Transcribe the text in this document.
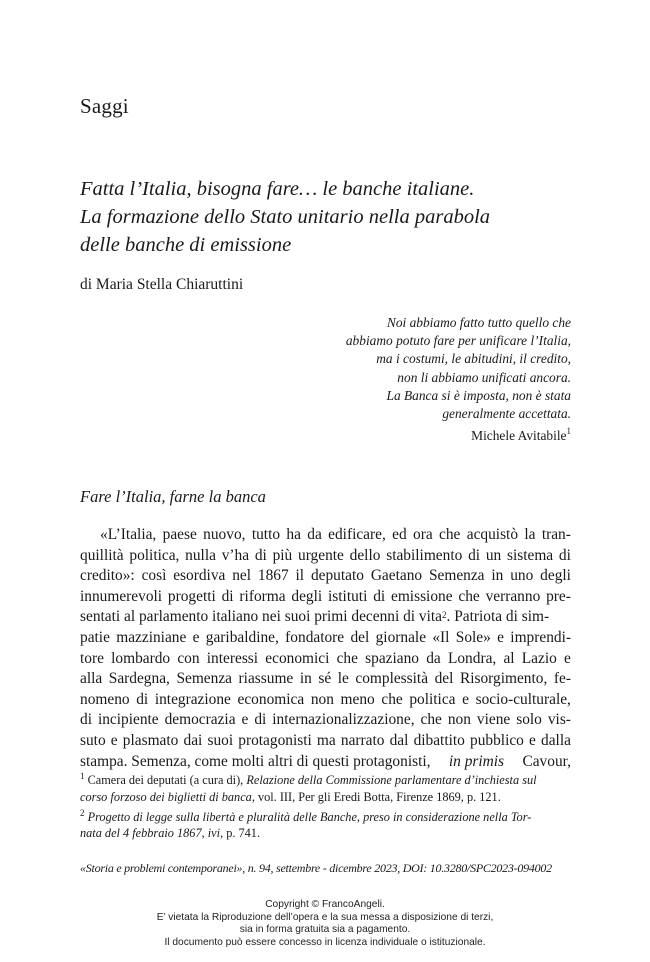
Saggi
Fatta l’Italia, bisogna fare… le banche italiane.
La formazione dello Stato unitario nella parabola
delle banche di emissione
di Maria Stella Chiaruttini
Noi abbiamo fatto tutto quello che
abbiamo potuto fare per unificare l’Italia,
ma i costumi, le abitudini, il credito,
non li abbiamo unificati ancora.
La Banca si è imposta, non è stata
generalmente accettata.
Michele Avitabile$^1$
Fare l’Italia, farne la banca
«L’Italia, paese nuovo, tutto ha da edificare, ed ora che acquistò la tran-
quillità politica, nulla v’ha di più urgente dello stabilimento di un sistema di
credito»: così esordiva nel 1867 il deputato Gaetano Semenza in uno degli
innumerevoli progetti di riforma degli istituti di emissione che verranno pre-
sentati al parlamento italiano nei suoi primi decenni di vita$^2$ . Patriota di sim-
patie mazziniane e garibaldine, fondatore del giornale «Il Sole» e imprendi-
tore lombardo con interessi economici che spaziano da Londra, al Lazio e
alla Sardegna, Semenza riassume in sé le complessità del Risorgimento, fe-
nomeno di integrazione economica non meno che politica e socio-culturale,
di incipiente democrazia e di internazionalizzazione, che non viene solo vis-
suto e plasmato dai suoi protagonisti ma narrato dal dibattito pubblico e dalla
stampa. Semenza, come molti altri di questi protagonisti, in primis Cavour,
$^1$ Camera dei deputati (a cura di), Relazione della Commissione parlamentare d’inchiesta sul
corso forzoso dei biglietti di banca, vol. III, Per gli Eredi Botta, Firenze 1869, p. 121.
$^2$ Progetto di legge sulla libertà e pluralità delle Banche, preso in considerazione nella Tor-
nata del 4 febbraio 1867, ivi, p. 741.
«Storia e problemi contemporanei», n. 94, settembre - dicembre 2023, DOI: 10.3280/SPC2023-094002
Copyright © FrancoAngeli.
E’ vietata la Riproduzione dell’opera e la sua messa a disposizione di terzi,
sia in forma gratuita sia a pagamento.
Il documento può essere concesso in licenza individuale o istituzionale.
